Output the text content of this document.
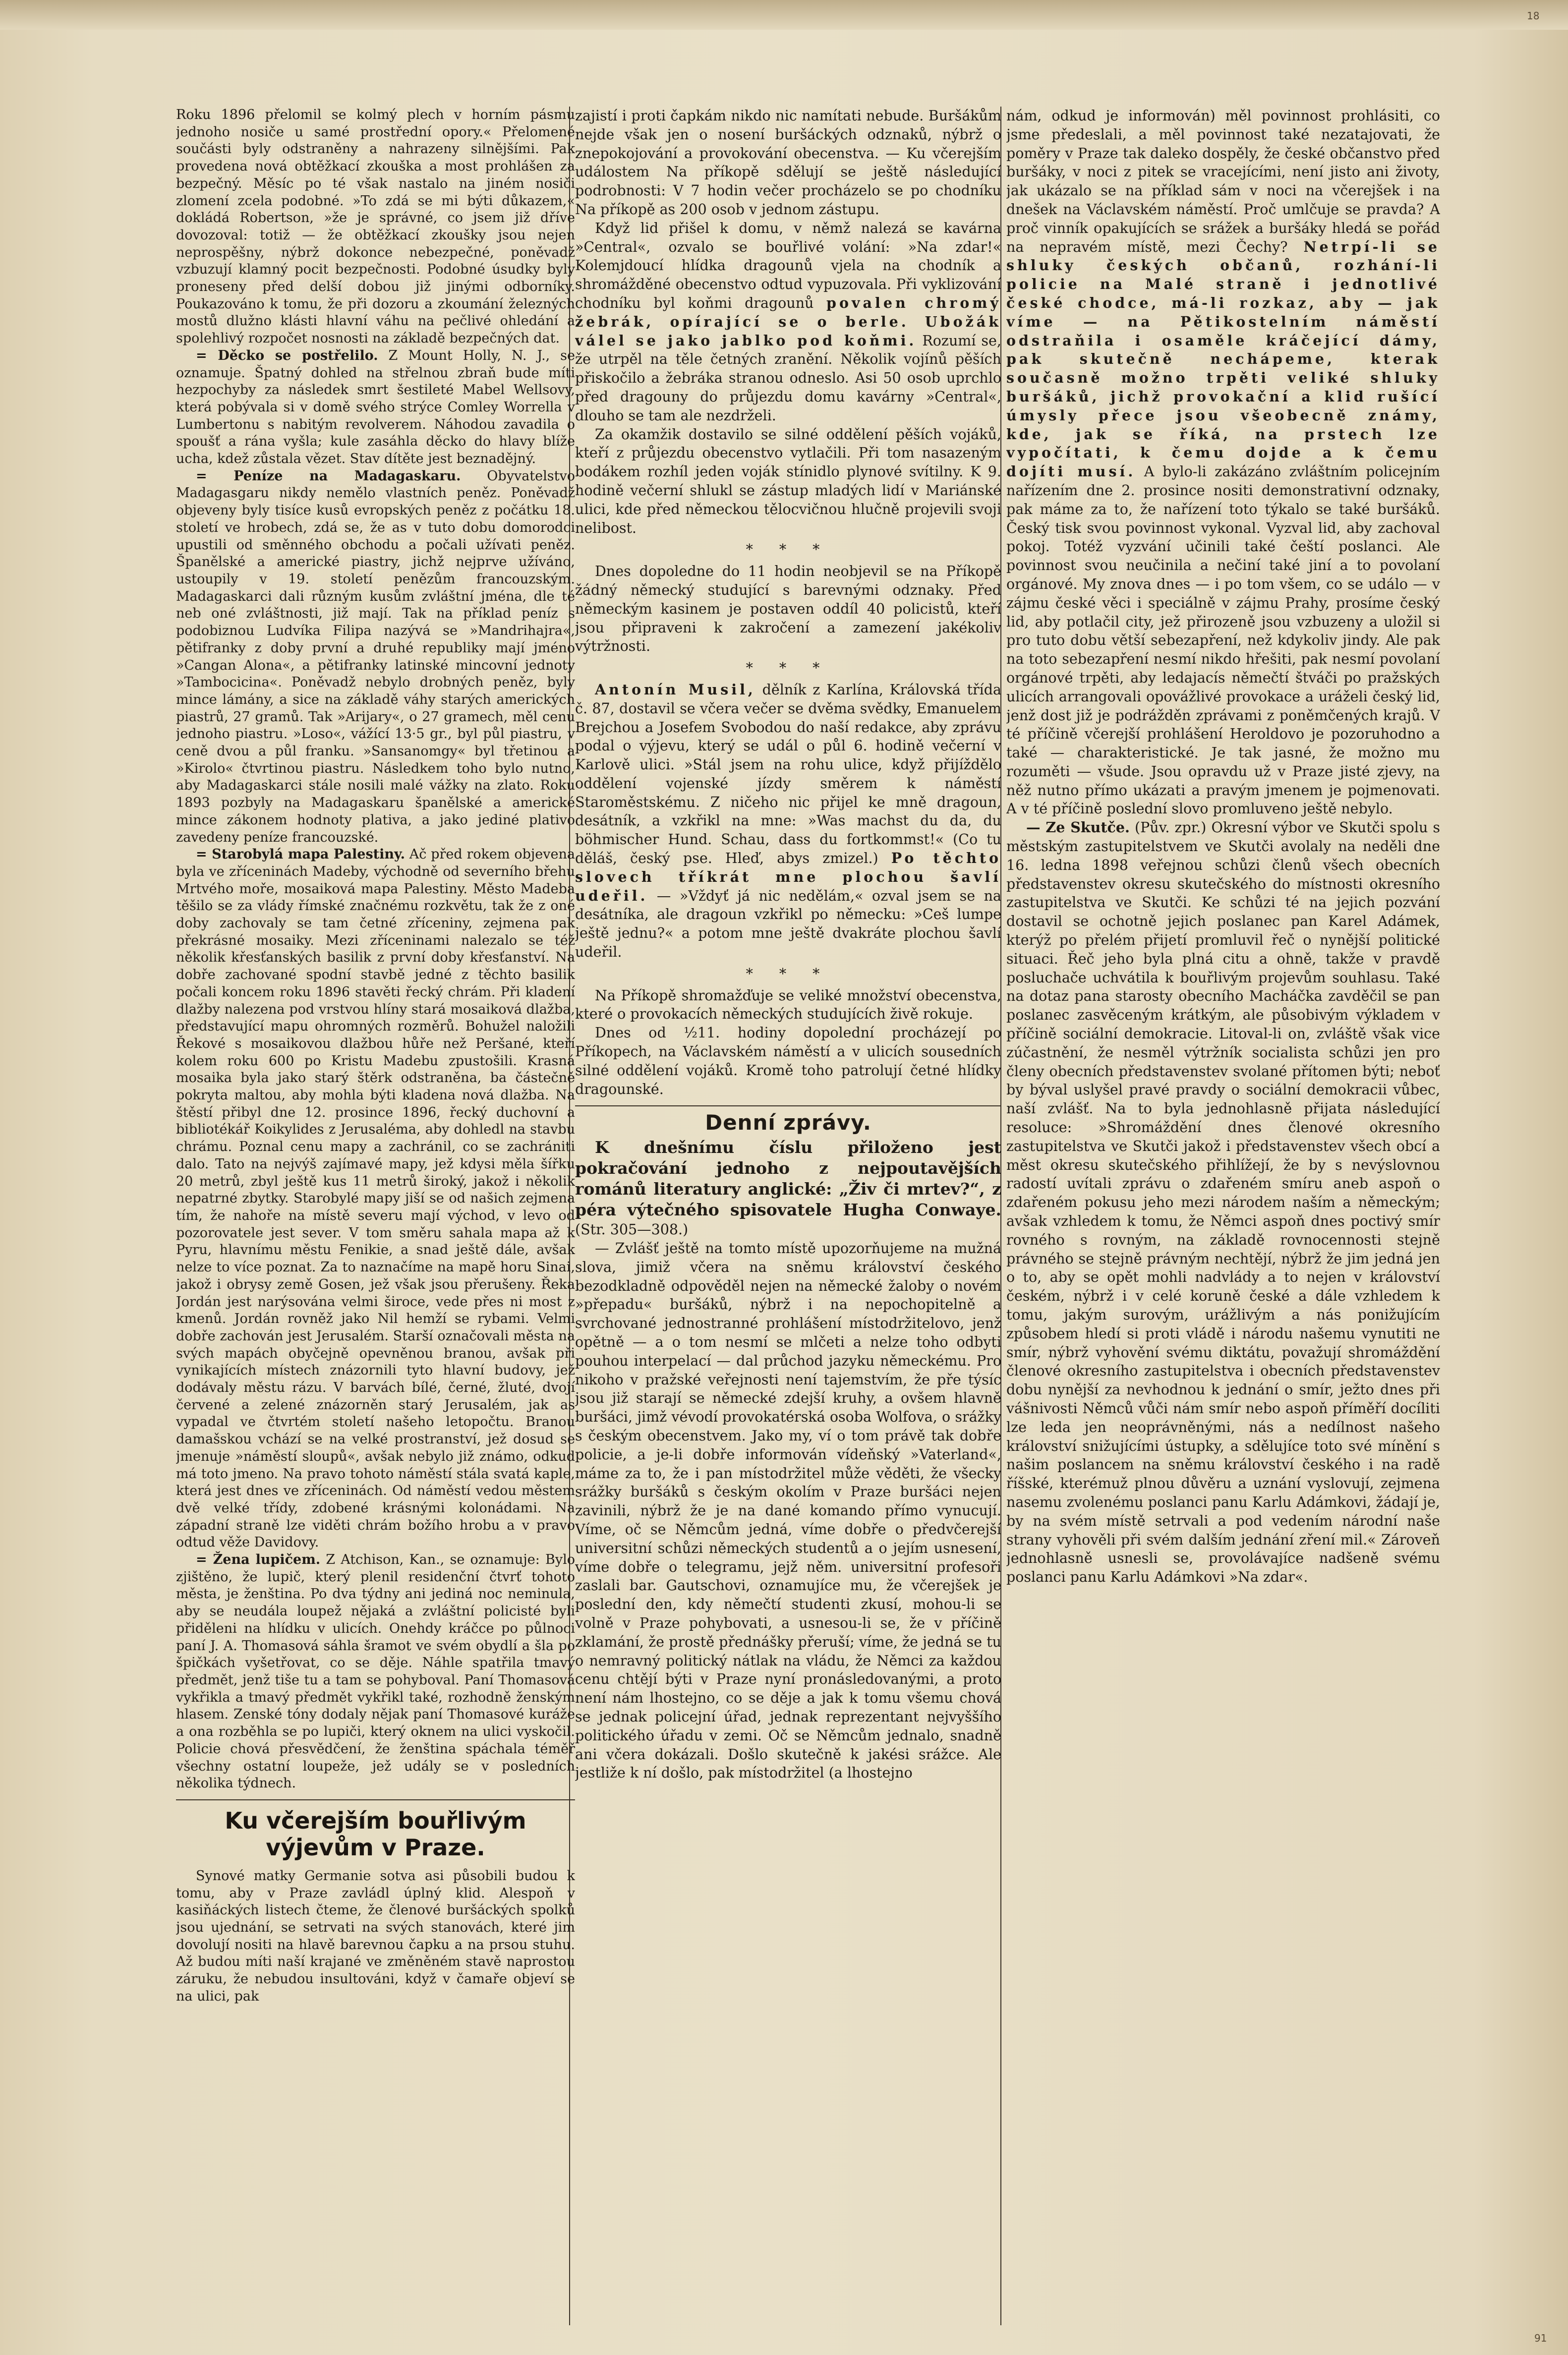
18
91

Roku 1896 přelomil se kolmý plech v horním pásmu jednoho nosiče u samé prostřední opory.« Přelomené součásti byly odstraněny a nahrazeny silnějšími. Pak provedena nová obtěžkací zkouška a most prohlášen za bezpečný. Měsíc po té však nastalo na jiném nosiči zlomení zcela podobné. »To zdá se mi býti důkazem,« dokládá Robertson, »že je správné, co jsem již dříve dovozoval: totiž — že obtěžkací zkoušky jsou nejen neprospěšny, nýbrž dokonce nebezpečné, poněvadž vzbuzují klamný pocit bezpečnosti. Podobné úsudky byly proneseny před delší dobou již jinými odborníky. Poukazováno k tomu, že při dozoru a zkoumání železných mostů dlužno klásti hlavní váhu na pečlivé ohledání a spolehlivý rozpočet nosnosti na základě bezpečných dat.

= Děcko se postřelilo. Z Mount Holly, N. J., se oznamuje. Špatný dohled na střelnou zbraň bude míti hezpochyby za následek smrt šestileté Mabel Wellsovy, která pobývala si v domě svého strýce Comley Worrella v Lumbertonu s nabitým revolverem. Náhodou zavadila o spoušť a rána vyšla; kule zasáhla děcko do hlavy blíže ucha, kdež zůstala vězet. Stav dítěte jest beznadějný.

= Peníze na Madagaskaru. Obyvatelstvo Madagasgaru nikdy nemělo vlastních peněz. Poněvadž objeveny byly tisíce kusů evropských peněz z počátku 18. století ve hrobech, zdá se, že as v tuto dobu domorodci upustili od směnného obchodu a počali užívati peněz. Španělské a americké piastry, jichž nejprve užíváno, ustoupily v 19. století penězům francouzským. Madagaskarci dali různým kusům zvláštní jména, dle té neb oné zvláštnosti, již mají. Tak na příklad peníz s podobiznou Ludvíka Filipa nazývá se »Mandrihajra«, pětifranky z doby první a druhé republiky mají jméno »Cangan Alona«, a pětifranky latinské mincovní jednoty »Tambocicina«. Poněvadž nebylo drobných peněz, byly mince lámány, a sice na základě váhy starých amerických piastrů, 27 gramů. Tak »Arijary«, o 27 gramech, měl cenu jednoho piastru. »Loso«, vážící 13·5 gr., byl půl piastru, v ceně dvou a půl franku. »Sansanomgy« byl třetinou a »Kirolo« čtvrtinou piastru. Následkem toho bylo nutno, aby Madagaskarci stále nosili malé vážky na zlato. Roku 1893 pozbyly na Madagaskaru španělské a americké mince zákonem hodnoty plativa, a jako jediné plativo zavedeny peníze francouzské.

= Starobylá mapa Palestiny. Ač před rokem objevena byla ve zříceninách Madeby, východně od severního břehu Mrtvého moře, mosaiková mapa Palestiny. Město Madeba těšilo se za vlády římské značnému rozkvětu, tak že z oné doby zachovaly se tam četné zříceniny, zejmena pak překrásné mosaiky. Mezi zříceninami nalezalo se též několik křesťanských basilik z první doby křesťanství. Na dobře zachované spodní stavbě jedné z těchto basilik počali koncem roku 1896 stavěti řecký chrám. Při kladení dlažby nalezena pod vrstvou hlíny stará mosaiková dlažba, představující mapu ohromných rozměrů. Bohužel naložili Řekové s mosaikovou dlažbou hůře než Peršané, kteří kolem roku 600 po Kristu Madebu zpustošili. Krasná mosaika byla jako starý štěrk odstraněna, ba částečně pokryta maltou, aby mohla býti kladena nová dlažba. Na štěstí přibyl dne 12. prosince 1896, řecký duchovní a bibliotékář Koikylides z Jerusaléma, aby dohledl na stavbu chrámu. Poznal cenu mapy a zachránil, co se zachrániti dalo. Tato na nejvýš zajímavé mapy, jež kdysi měla šířku 20 metrů, zbyl ještě kus 11 metrů široký, jakož i několik nepatrné zbytky. Starobylé mapy jiší se od našich zejmena tím, že nahoře na místě severu mají východ, v levo od pozorovatele jest sever. V tom směru sahala mapa až k Pyru, hlavnímu městu Fenikie, a snad ještě dále, avšak nelze to více poznat. Za to naznačíme na mapě horu Sinai, jakož i obrysy země Gosen, jež však jsou přerušeny. Řeka Jordán jest narýsována velmi široce, vede přes ni most z kmenů. Jordán rovněž jako Nil hemží se rybami. Velmi dobře zachován jest Jerusalém. Starší označovali města na svých mapách obyčejně opevněnou branou, avšak při vynikajících místech znázornili tyto hlavní budovy, jež dodávaly městu rázu. V barvách bílé, černé, žluté, dvojí červené a zelené znázorněn starý Jerusalém, jak as vypadal ve čtvrtém století našeho letopočtu. Branou damašskou vchází se na velké prostranství, jež dosud se jmenuje »náměstí sloupů«, avšak nebylo již známo, odkud má toto jmeno. Na pravo tohoto náměstí stála svatá kaple, která jest dnes ve zříceninách. Od náměstí vedou městem dvě velké třídy, zdobené krásnými kolonádami. Na západní straně lze viděti chrám božího hrobu a v pravo odtud věže Davidovy.

= Žena lupičem. Z Atchison, Kan., se oznamuje: Bylo zjištěno, že lupič, který plenil residenční čtvrť tohoto města, je ženština. Po dva týdny ani jediná noc neminula, aby se neudála loupež nějaká a zvláštní policisté byli přiděleni na hlídku v ulicích. Onehdy kráčce po půlnoci paní J. A. Thomasová sáhla šramot ve svém obydlí a šla po špičkách vyšetřovat, co se děje. Náhle spatřila tmavý předmět, jenž tiše tu a tam se pohyboval. Paní Thomasová vykřikla a tmavý předmět vykřikl také, rozhodně ženským hlasem. Zenské tóny dodaly nějak paní Thomasové kuráže a ona rozběhla se po lupiči, který oknem na ulici vyskočil. Policie chová přesvědčení, že ženština spáchala téměř všechny ostatní loupeže, jež udály se v posledních několika týdnech.

Ku včerejším bouřlivým výjevům v Praze.

Synové matky Germanie sotva asi působili budou k tomu, aby v Praze zavládl úplný klid. Alespoň v kasiňáckých listech čteme, že členové buršáckých spolků jsou ujednání, se setrvati na svých stanovách, které jim dovolují nositi na hlavě barevnou čapku a na prsou stuhu. Až budou míti naší krajané ve změněném stavě naprostou záruku, že nebudou insultováni, když v čamaře objeví se na ulici, pak

zajistí i proti čapkám nikdo nic namítati nebude. Buršákům nejde však jen o nosení buršáckých odznaků, nýbrž o znepokojování a provokování obecenstva. — Ku včerejším událostem Na příkopě sdělují se ještě následující podrobnosti: V 7 hodin večer procházelo se po chodníku Na příkopě as 200 osob v jednom zástupu.

Když lid přišel k domu, v němž nalezá se kavárna »Central«, ozvalo se bouřlivé volání: »Na zdar!« Kolemjdoucí hlídka dragounů vjela na chodník a shromážděné obecenstvo odtud vypuzovala. Při vyklizování chodníku byl koňmi dragounů povalen chromý žebrák, opírající se o berle. Ubožák válel se jako jablko pod koňmi. Rozumí se, že utrpěl na těle četných zranění. Několik vojínů pěších přiskočilo a žebráka stranou odneslo. Asi 50 osob uprchlo před dragouny do průjezdu domu kavárny »Central«, dlouho se tam ale nezdrželi.

Za okamžik dostavilo se silné oddělení pěších vojáků, kteří z průjezdu obecenstvo vytlačili. Při tom nasazeným bodákem rozhíl jeden voják stínidlo plynové svítilny. K 9. hodině večerní shlukl se zástup mladých lidí v Mariánské ulici, kde před německou tělocvičnou hlučně projevili svoji nelibost.

* * *

Dnes dopoledne do 11 hodin neobjevil se na Příkopě žádný německý studující s barevnými odznaky. Před německým kasinem je postaven oddíl 40 policistů, kteří jsou připraveni k zakročení a zamezení jakékoliv výtržnosti.

* * *

Antonín Musil, dělník z Karlína, Královská třída č. 87, dostavil se včera večer se dvěma svědky, Emanuelem Brejchou a Josefem Svobodou do naší redakce, aby zprávu podal o výjevu, který se udál o půl 6. hodině večerní v Karlově ulici. »Stál jsem na rohu ulice, když přijíždělo oddělení vojenské jízdy směrem k náměstí Staroměstskému. Z ničeho nic přijel ke mně dragoun, desátník, a vzkřikl na mne: »Was machst du da, du böhmischer Hund. Schau, dass du fortkommst!« (Co tu děláš, český pse. Hleď, abys zmizel.) Po těchto slovech tříkrát mne plochou šavlí udeřil. — »Vždyť já nic nedělám,« ozval jsem se na desátníka, ale dragoun vzkřikl po německu: »Ceš lumpe ještě jednu?« a potom mne ještě dvakráte plochou šavlí udeřil.

* * *

Na Příkopě shromažďuje se veliké množství obecenstva, které o provokacích německých studujících živě rokuje.

Dnes od ½11. hodiny dopolední procházejí po Příkopech, na Václavském náměstí a v ulicích sousedních silné oddělení vojáků. Kromě toho patrolují četné hlídky dragounské.

Denní zprávy.

K dnešnímu číslu přiloženo jest pokračování jednoho z nejpoutavějších románů literatury anglické: „Živ či mrtev?“, z péra výtečného spisovatele Hugha Conwaye. (Str. 305—308.)

— Zvlášť ještě na tomto místě upozorňujeme na mužná slova, jimiž včera na sněmu království českého bezodkladně odpověděl nejen na německé žaloby o novém »přepadu« buršáků, nýbrž i na nepochopitelně a svrchované jednostranné prohlášení místodržitelovo, jenž opětně — a o tom nesmí se mlčeti a nelze toho odbyti pouhou interpelací — dal průchod jazyku německému. Pro nikoho v pražské veřejnosti není tajemstvím, že pře týsíc jsou již starají se německé zdejší kruhy, a ovšem hlavně buršáci, jimž vévodí provokatérská osoba Wolfova, o srážky s českým obecenstvem. Jako my, ví o tom právě tak dobře policie, a je-li dobře informován vídeňský »Vaterland«, máme za to, že i pan místodržitel může věděti, že všecky srážky buršáků s českým okolím v Praze buršáci nejen zavinili, nýbrž že je na dané komando přímo vynucují. Víme, oč se Němcům jedná, víme dobře o předvčerejší universitní schůzi německých studentů a o jejím usnesení, víme dobře o telegramu, jejž něm. universitní profesoři zaslali bar. Gautschovi, oznamujíce mu, že včerejšek je poslední den, kdy němečtí studenti zkusí, mohou-li se volně v Praze pohybovati, a usnesou-li se, že v příčině zklamání, že prostě přednášky přeruší; víme, že jedná se tu o nemravný politický nátlak na vládu, že Němci za každou cenu chtějí býti v Praze nyní pronásledovanými, a proto není nám lhostejno, co se děje a jak k tomu všemu chová se jednak policejní úřad, jednak reprezentant nejvyššího politického úřadu v zemi. Oč se Němcům jednalo, snadně ani včera dokázali. Došlo skutečně k jakési srážce. Ale jestliže k ní došlo, pak místodržitel (a lhostejno

nám, odkud je informován) měl povinnost prohlásiti, co jsme předeslali, a měl povinnost také nezatajovati, že poměry v Praze tak daleko dospěly, že české občanstvo před buršáky, v noci z pitek se vracejícími, není jisto ani životy, jak ukázalo se na příklad sám v noci na včerejšek i na dnešek na Václavském náměstí. Proč umlčuje se pravda? A proč vinník opakujících se srážek a buršáky hledá se pořád na nepravém místě, mezi Čechy? Netrpí-li se shluky českých občanů, rozhání-li policie na Malé straně i jednotlivé české chodce, má-li rozkaz, aby — jak víme — na Pětikostelním náměstí odstraňila i osaměle kráčející dámy, pak skutečně nechápeme, kterak současně možno trpěti veliké shluky buršáků, jichž provokační a klid rušící úmysly přece jsou všeobecně známy, kde, jak se říká, na prstech lze vypočítati, k čemu dojde a k čemu dojíti musí. A bylo-li zakázáno zvláštním policejním nařízením dne 2. prosince nositi demonstrativní odznaky, pak máme za to, že nařízení toto týkalo se také buršáků. Český tisk svou povinnost vykonal. Vyzval lid, aby zachoval pokoj. Totéž vyzvání učinili také čeští poslanci. Ale povinnost svou neučinila a nečiní také jiní a to povolaní orgánové. My znova dnes — i po tom všem, co se událo — v zájmu české věci i speciálně v zájmu Prahy, prosíme český lid, aby potlačil city, jež přirozeně jsou vzbuzeny a uložil si pro tuto dobu větší sebezapření, než kdykoliv jindy. Ale pak na toto sebezapření nesmí nikdo hřešiti, pak nesmí povolaní orgánové trpěti, aby ledajacís němečtí štváči po pražských ulicích arrangovali opovážlivé provokace a uráželi český lid, jenž dost již je podrážděn zprávami z poněmčených krajů. V té příčině včerejší prohlášení Heroldovo je pozoruhodno a také — charakteristické. Je tak jasné, že možno mu rozuměti — všude. Jsou opravdu už v Praze jisté zjevy, na něž nutno přímo ukázati a pravým jmenem je pojmenovati. A v té příčině poslední slovo promluveno ještě nebylo.

— Ze Skutče. (Pův. zpr.) Okresní výbor ve Skutči spolu s městským zastupitelstvem ve Skutči avolaly na neděli dne 16. ledna 1898 veřejnou schůzi členů všech obecních představenstev okresu skutečského do místnosti okresního zastupitelstva ve Skutči. Ke schůzi té na jejich pozvání dostavil se ochotně jejich poslanec pan Karel Adámek, kterýž po přelém přijetí promluvil řeč o nynější politické situaci. Řeč jeho byla plná citu a ohně, takže v pravdě posluchače uchvátila k bouřlivým projevům souhlasu. Také na dotaz pana starosty obecního Macháčka zavděčil se pan poslanec zasvěceným krátkým, ale působivým výkladem v příčině sociální demokracie. Litoval-li on, zvláště však vice zúčastnění, že nesměl výtržník socialista schůzi jen pro členy obecních představenstev svolané přítomen býti; neboť by býval uslyšel pravé pravdy o sociální demokracii vůbec, naší zvlášť. Na to byla jednohlasně přijata následující resoluce: »Shromáždění dnes členové okresního zastupitelstva ve Skutči jakož i představenstev všech obcí a měst okresu skutečského přihlížejí, že by s nevýslovnou radostí uvítali zprávu o zdařeném smíru aneb aspoň o zdařeném pokusu jeho mezi národem naším a německým; avšak vzhledem k tomu, že Němci aspoň dnes poctivý smír rovného s rovným, na základě rovnocennosti stejně právného se stejně právným nechtějí, nýbrž že jim jedná jen o to, aby se opět mohli nadvlády a to nejen v království českém, nýbrž i v celé koruně české a dále vzhledem k tomu, jakým surovým, urážlivým a nás ponižujícím způsobem hledí si proti vládě i národu našemu vynutiti ne smír, nýbrž vyhovění svému diktátu, považují shromáždění členové okresního zastupitelstva i obecních představenstev dobu nynější za nevhodnou k jednání o smír, ježto dnes při vášnivosti Němců vůči nám smír nebo aspoň příměří docíliti lze leda jen neoprávněnými, nás a nedílnost našeho království snižujícími ústupky, a sdělujíce toto své mínění s našim poslancem na sněmu království českého i na radě říšské, kterémuž plnou důvěru a uznání vyslovují, zejmena nasemu zvolenému poslanci panu Karlu Adámkovi, žádají je, by na svém místě setrvali a pod vedením národní naše strany vyhověli při svém dalším jednání zření mil.« Zároveň jednohlasně usnesli se, provolávajíce nadšeně svému poslanci panu Karlu Adámkovi »Na zdar«.
